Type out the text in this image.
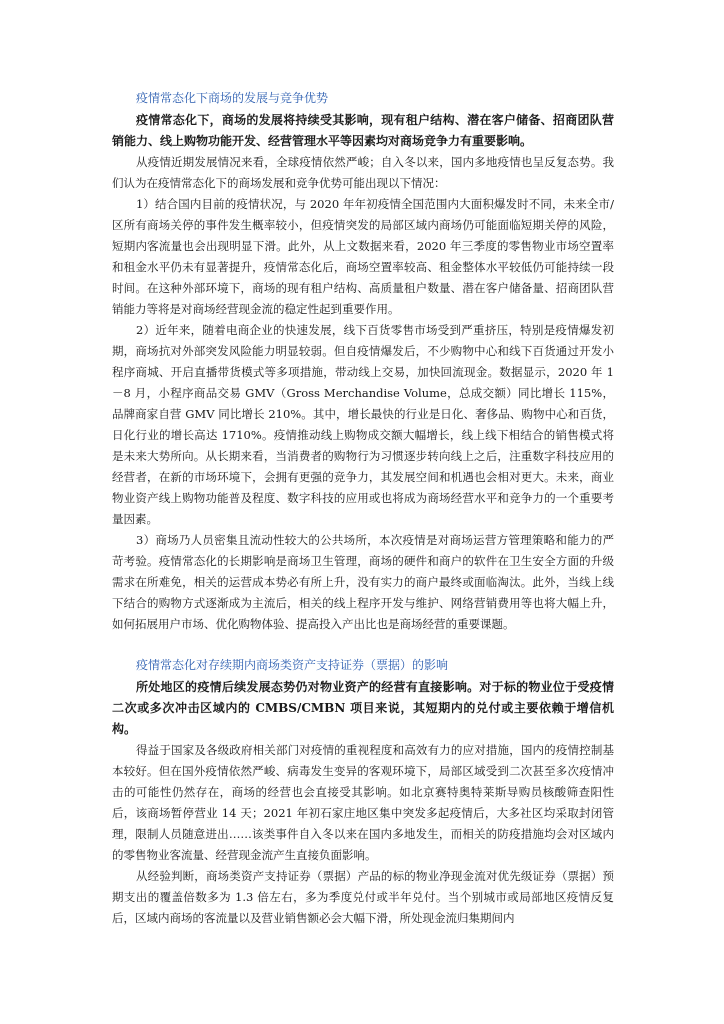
疫情常态化下商场的发展与竞争优势

疫情常态化下，商场的发展将持续受其影响，现有租户结构、潜在客户储备、招商团队营销能力、线上购物功能开发、经营管理水平等因素均对商场竞争力有重要影响。

从疫情近期发展情况来看，全球疫情依然严峻；自入冬以来，国内多地疫情也呈反复态势。我们认为在疫情常态化下的商场发展和竞争优势可能出现以下情况：

1）结合国内目前的疫情状况，与 2020 年年初疫情全国范围内大面积爆发时不同，未来全市/区所有商场关停的事件发生概率较小，但疫情突发的局部区域内商场仍可能面临短期关停的风险，短期内客流量也会出现明显下滑。此外，从上文数据来看，2020 年三季度的零售物业市场空置率和租金水平仍未有显著提升，疫情常态化后，商场空置率较高、租金整体水平较低仍可能持续一段时间。在这种外部环境下，商场的现有租户结构、高质量租户数量、潜在客户储备量、招商团队营销能力等将是对商场经营现金流的稳定性起到重要作用。

2）近年来，随着电商企业的快速发展，线下百货零售市场受到严重挤压，特别是疫情爆发初期，商场抗对外部突发风险能力明显较弱。但自疫情爆发后，不少购物中心和线下百货通过开发小程序商城、开启直播带货模式等多项措施，带动线上交易，加快回流现金。数据显示，2020 年 1－8 月，小程序商品交易 GMV（Gross Merchandise Volume，总成交额）同比增长 115%，品牌商家自营 GMV 同比增长 210%。其中，增长最快的行业是日化、奢侈品、购物中心和百货，日化行业的增长高达 1710%。疫情推动线上购物成交额大幅增长，线上线下相结合的销售模式将是未来大势所向。从长期来看，当消费者的购物行为习惯逐步转向线上之后，注重数字科技应用的经营者，在新的市场环境下，会拥有更强的竞争力，其发展空间和机遇也会相对更大。未来，商业物业资产线上购物功能普及程度、数字科技的应用或也将成为商场经营水平和竞争力的一个重要考量因素。

3）商场乃人员密集且流动性较大的公共场所，本次疫情是对商场运营方管理策略和能力的严苛考验。疫情常态化的长期影响是商场卫生管理，商场的硬件和商户的软件在卫生安全方面的升级需求在所难免，相关的运营成本势必有所上升，没有实力的商户最终或面临淘汰。此外，当线上线下结合的购物方式逐渐成为主流后，相关的线上程序开发与维护、网络营销费用等也将大幅上升，如何拓展用户市场、优化购物体验、提高投入产出比也是商场经营的重要课题。

疫情常态化对存续期内商场类资产支持证券（票据）的影响

所处地区的疫情后续发展态势仍对物业资产的经营有直接影响。对于标的物业位于受疫情二次或多次冲击区域内的 CMBS/CMBN 项目来说，其短期内的兑付或主要依赖于增信机构。

得益于国家及各级政府相关部门对疫情的重视程度和高效有力的应对措施，国内的疫情控制基本较好。但在国外疫情依然严峻、病毒发生变异的客观环境下，局部区域受到二次甚至多次疫情冲击的可能性仍然存在，商场的经营也会直接受其影响。如北京赛特奥特莱斯导购员核酸筛查阳性后，该商场暂停营业 14 天；2021 年初石家庄地区集中突发多起疫情后，大多社区均采取封闭管理，限制人员随意进出……该类事件自入冬以来在国内多地发生，而相关的防疫措施均会对区域内的零售物业客流量、经营现金流产生直接负面影响。

从经验判断，商场类资产支持证券（票据）产品的标的物业净现金流对优先级证券（票据）预期支出的覆盖倍数多为 1.3 倍左右，多为季度兑付或半年兑付。当个别城市或局部地区疫情反复后，区域内商场的客流量以及营业销售额必会大幅下滑，所处现金流归集期间内
